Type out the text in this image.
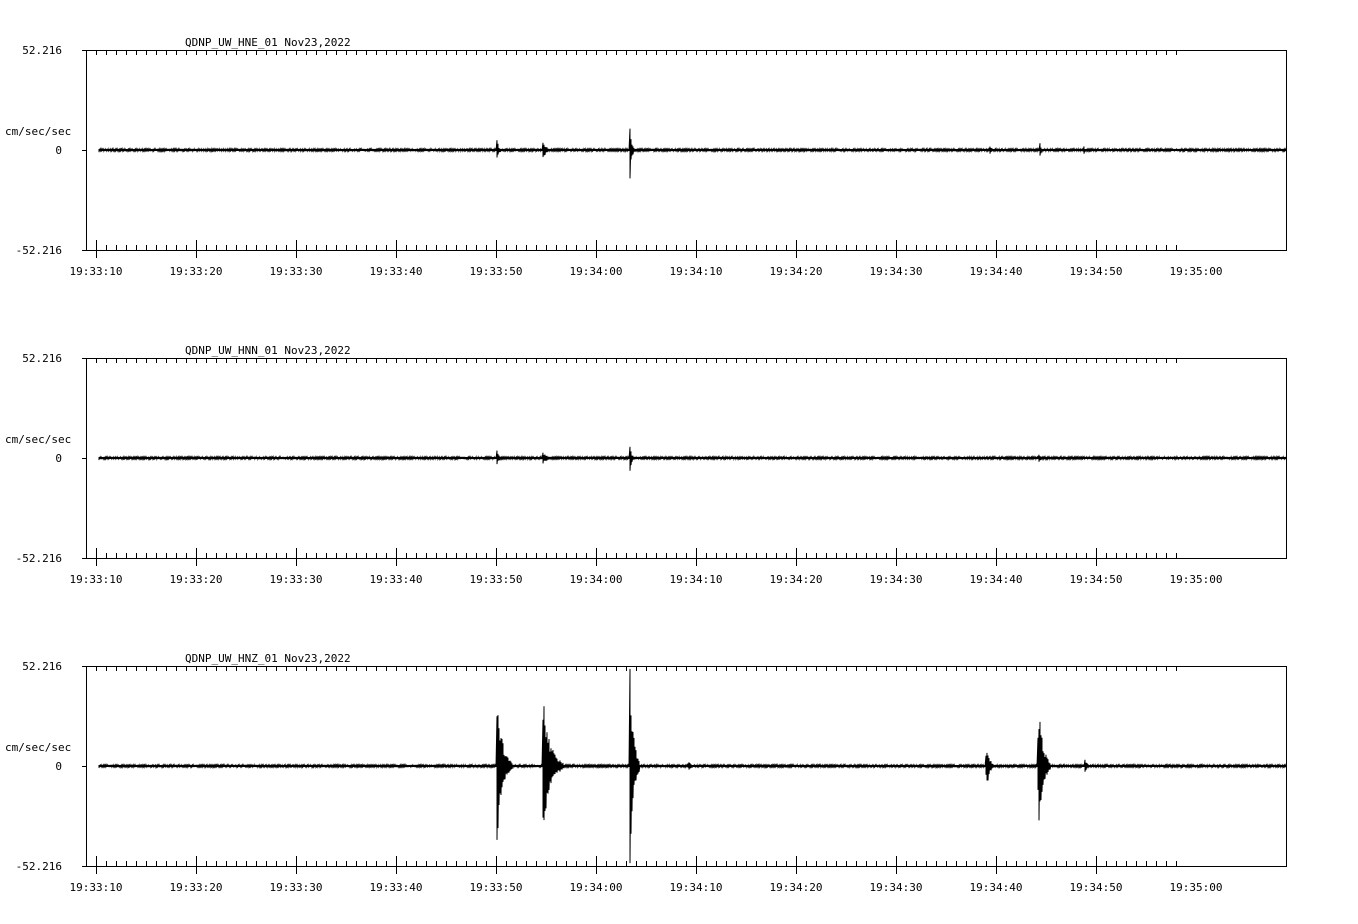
QDNP_UW_HNE_01 Nov23,2022
52.216
0
-52.216
cm/sec/sec
19:33:10	19:33:20	19:33:30	19:33:40	19:33:50	19:34:00	19:34:10	19:34:20	19:34:30	19:34:40	19:34:50	19:35:00
QDNP_UW_HNN_01 Nov23,2022
52.216
0
-52.216
cm/sec/sec
19:33:10	19:33:20	19:33:30	19:33:40	19:33:50	19:34:00	19:34:10	19:34:20	19:34:30	19:34:40	19:34:50	19:35:00
QDNP_UW_HNZ_01 Nov23,2022
52.216
0
-52.216
cm/sec/sec
19:33:10	19:33:20	19:33:30	19:33:40	19:33:50	19:34:00	19:34:10	19:34:20	19:34:30	19:34:40	19:34:50	19:35:00
